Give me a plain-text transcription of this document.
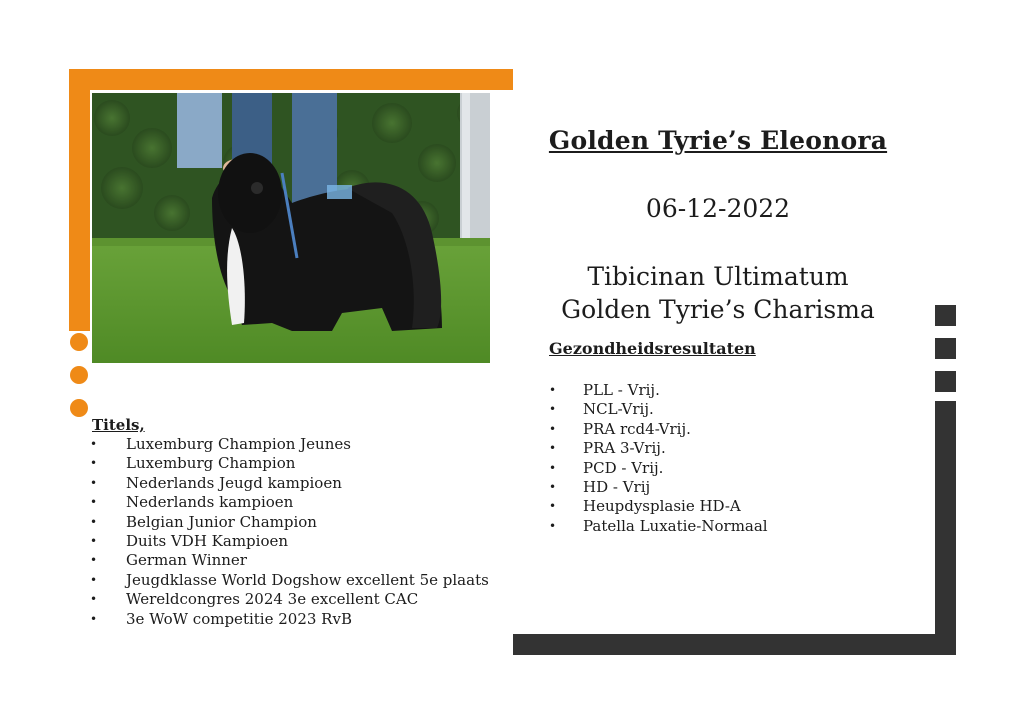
Golden Tyrie’s Eleonora
06-12-2022
Tibicinan Ultimatum
Golden Tyrie’s Charisma
Gezondheidsresultaten
• PLL - Vrij.
• NCL-Vrij.
• PRA rcd4-Vrij.
• PRA 3-Vrij.
• PCD - Vrij.
• HD - Vrij
• Heupdysplasie HD-A
• Patella Luxatie-Normaal
Titels,
• Luxemburg Champion Jeunes
• Luxemburg Champion
• Nederlands Jeugd kampioen
• Nederlands kampioen
• Belgian Junior Champion
• Duits VDH Kampioen
• German Winner
• Jeugdklasse World Dogshow excellent 5e plaats
• Wereldcongres 2024 3e excellent CAC
• 3e WoW competitie 2023 RvB
